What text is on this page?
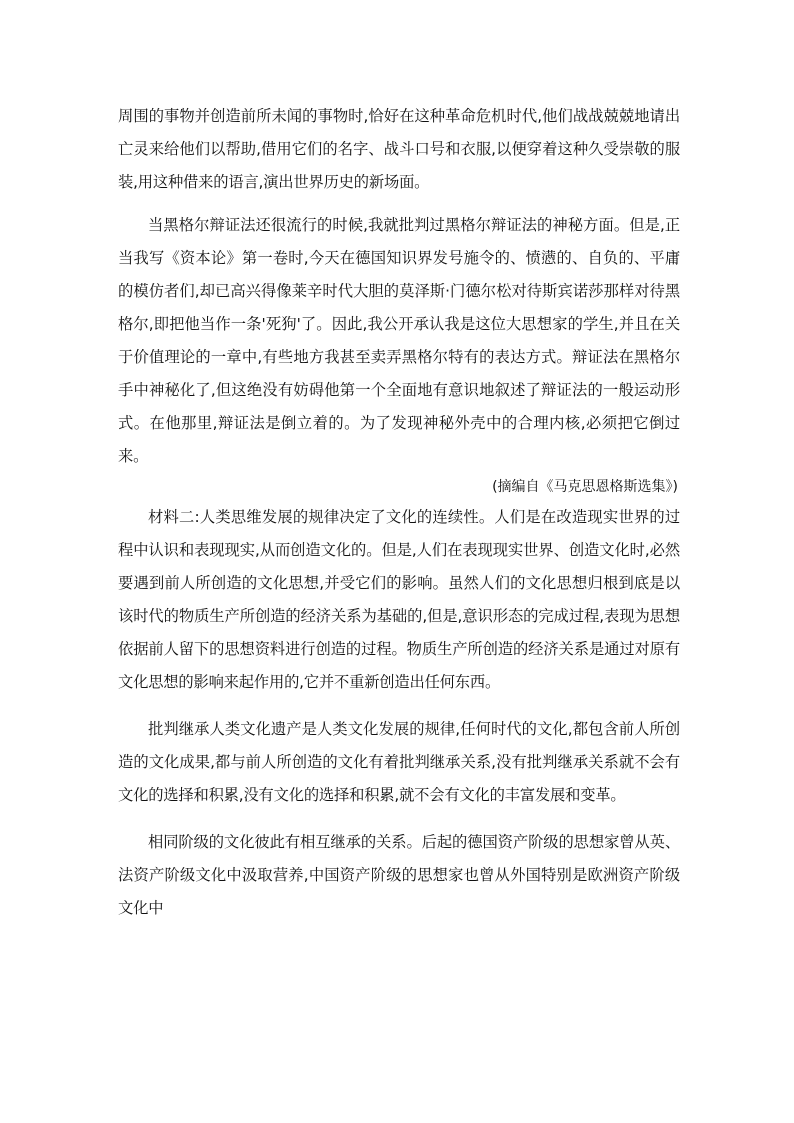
周围的事物并创造前所未闻的事物时,恰好在这种革命危机时代,他们战战兢兢地请出亡灵来给他们以帮助,借用它们的名字、战斗口号和衣服,以便穿着这种久受崇敬的服装,用这种借来的语言,演出世界历史的新场面。

当黑格尔辩证法还很流行的时候,我就批判过黑格尔辩证法的神秘方面。但是,正当我写《资本论》第一卷时,今天在德国知识界发号施令的、愤懑的、自负的、平庸的模仿者们,却已高兴得像莱辛时代大胆的莫泽斯·门德尔松对待斯宾诺莎那样对待黑格尔,即把他当作一条'死狗'了。因此,我公开承认我是这位大思想家的学生,并且在关于价值理论的一章中,有些地方我甚至卖弄黑格尔特有的表达方式。辩证法在黑格尔手中神秘化了,但这绝没有妨碍他第一个全面地有意识地叙述了辩证法的一般运动形式。在他那里,辩证法是倒立着的。为了发现神秘外壳中的合理内核,必须把它倒过来。

(摘编自《马克思恩格斯选集》)

材料二:人类思维发展的规律决定了文化的连续性。人们是在改造现实世界的过程中认识和表现现实,从而创造文化的。但是,人们在表现现实世界、创造文化时,必然要遇到前人所创造的文化思想,并受它们的影响。虽然人们的文化思想归根到底是以该时代的物质生产所创造的经济关系为基础的,但是,意识形态的完成过程,表现为思想依据前人留下的思想资料进行创造的过程。物质生产所创造的经济关系是通过对原有文化思想的影响来起作用的,它并不重新创造出任何东西。

批判继承人类文化遗产是人类文化发展的规律,任何时代的文化,都包含前人所创造的文化成果,都与前人所创造的文化有着批判继承关系,没有批判继承关系就不会有文化的选择和积累,没有文化的选择和积累,就不会有文化的丰富发展和变革。

相同阶级的文化彼此有相互继承的关系。后起的德国资产阶级的思想家曾从英、法资产阶级文化中汲取营养,中国资产阶级的思想家也曾从外国特别是欧洲资产阶级文化中
